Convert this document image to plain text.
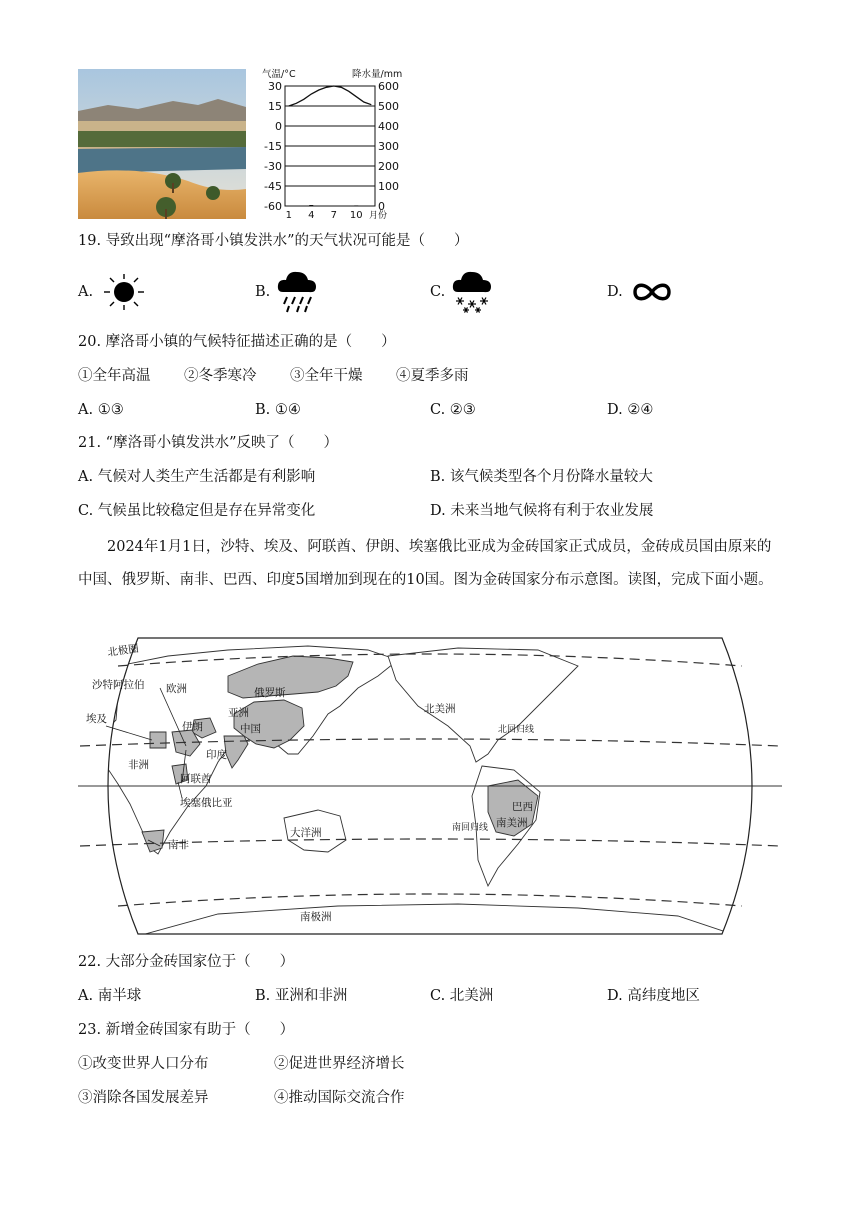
30	600
15	500
0	400
-15	300
-30	200
-45	100
-60	0
气温/°C	降水量/mm
1 4 7 10 月份
19. 导致出现“摩洛哥小镇发洪水”的天气状况可能是（　　）
A.	B.	C.	D.
20. 摩洛哥小镇的气候特征描述正确的是（　　）
①全年高温 ②冬季寒冷 ③全年干燥 ④夏季多雨
A. ①③	B. ①④	C. ②③	D. ②④
21. “摩洛哥小镇发洪水”反映了（　　）
A. 气候对人类生产生活都是有利影响	B. 该气候类型各个月份降水量较大
C. 气候虽比较稳定但是存在异常变化	D. 未来当地气候将有利于农业发展
2024年1月1日，沙特、埃及、阿联酋、伊朗、埃塞俄比亚成为金砖国家正式成员，金砖成员国由原来的中国、俄罗斯、南非、巴西、印度5国增加到现在的10国。图为金砖国家分布示意图。读图，完成下面小题。
北极圈
沙特阿拉伯 欧洲	俄罗斯
亚洲
伊朗	中国
埃及
印度
非洲
阿联酋
埃塞俄比亚
北美洲
大洋洲
南非
巴西
南美洲
南极洲
北回归线
南回归线
22. 大部分金砖国家位于（　　）
A. 南半球	B. 亚洲和非洲	C. 北美洲	D. 高纬度地区
23. 新增金砖国家有助于（　　）
①改变世界人口分布	②促进世界经济增长
③消除各国发展差异	④推动国际交流合作
